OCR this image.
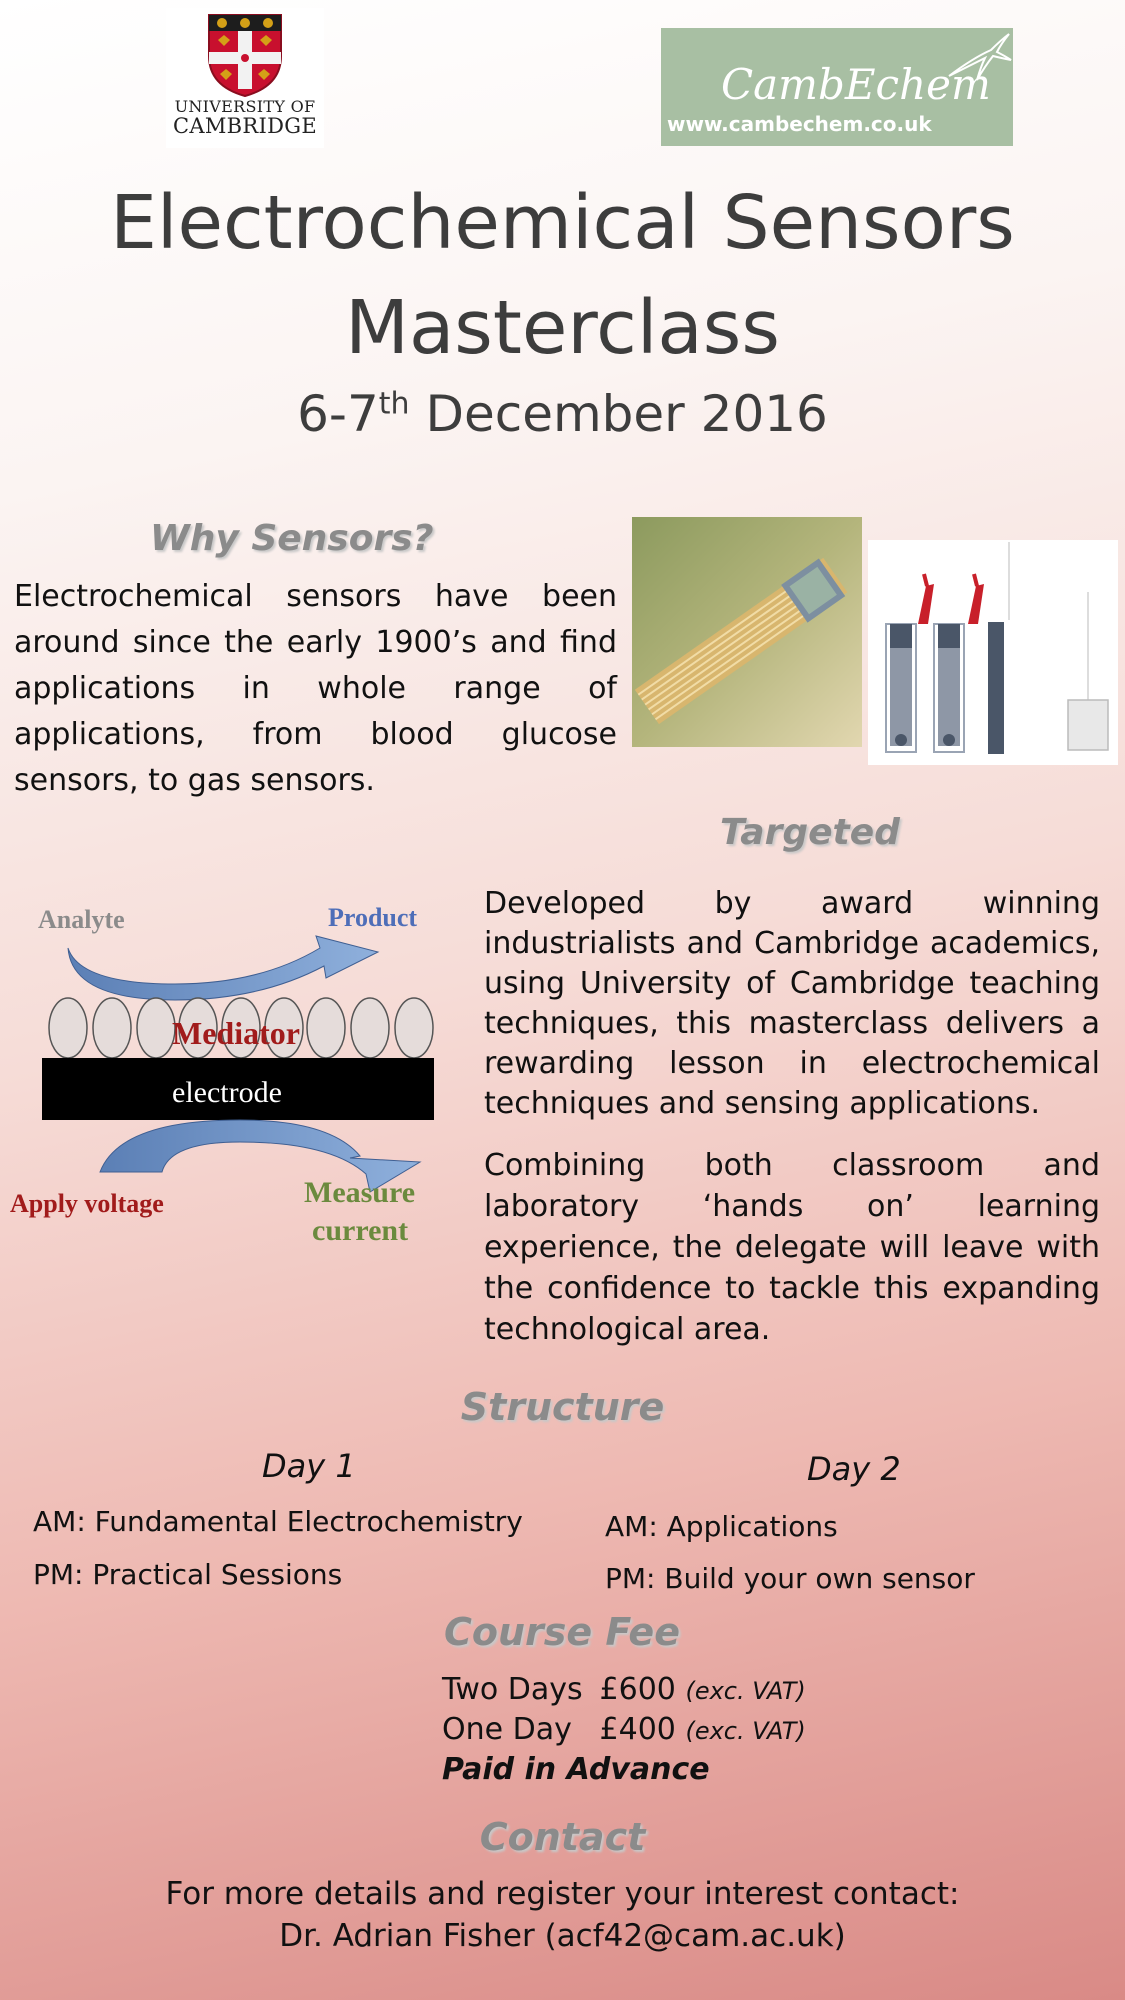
UNIVERSITY OF
CAMBRIDGE
CambEchem
www.cambechem.co.uk
Electrochemical Sensors
Masterclass
6-7th December 2016
Why Sensors?
Electrochemical sensors have been around since the early 1900’s and find applications in whole range of applications, from blood glucose sensors, to gas sensors.
Targeted
Developed by award winning industrialists and Cambridge academics, using University of Cambridge teaching techniques, this masterclass delivers a rewarding lesson in electrochemical techniques and sensing applications.
Combining both classroom and laboratory ‘hands on’ learning experience, the delegate will leave with the confidence to tackle this expanding technological area.
Analyte	Product
Mediator
electrode
Apply voltage	Measure
current
Structure
Day 1	Day 2
AM: Fundamental Electrochemistry
PM: Practical Sessions
AM: Applications
PM: Build your own sensor
Course Fee
Two Days £600 (exc. VAT)
One Day £400 (exc. VAT)
Paid in Advance
Contact
For more details and register your interest contact:
Dr. Adrian Fisher (acf42@cam.ac.uk)
